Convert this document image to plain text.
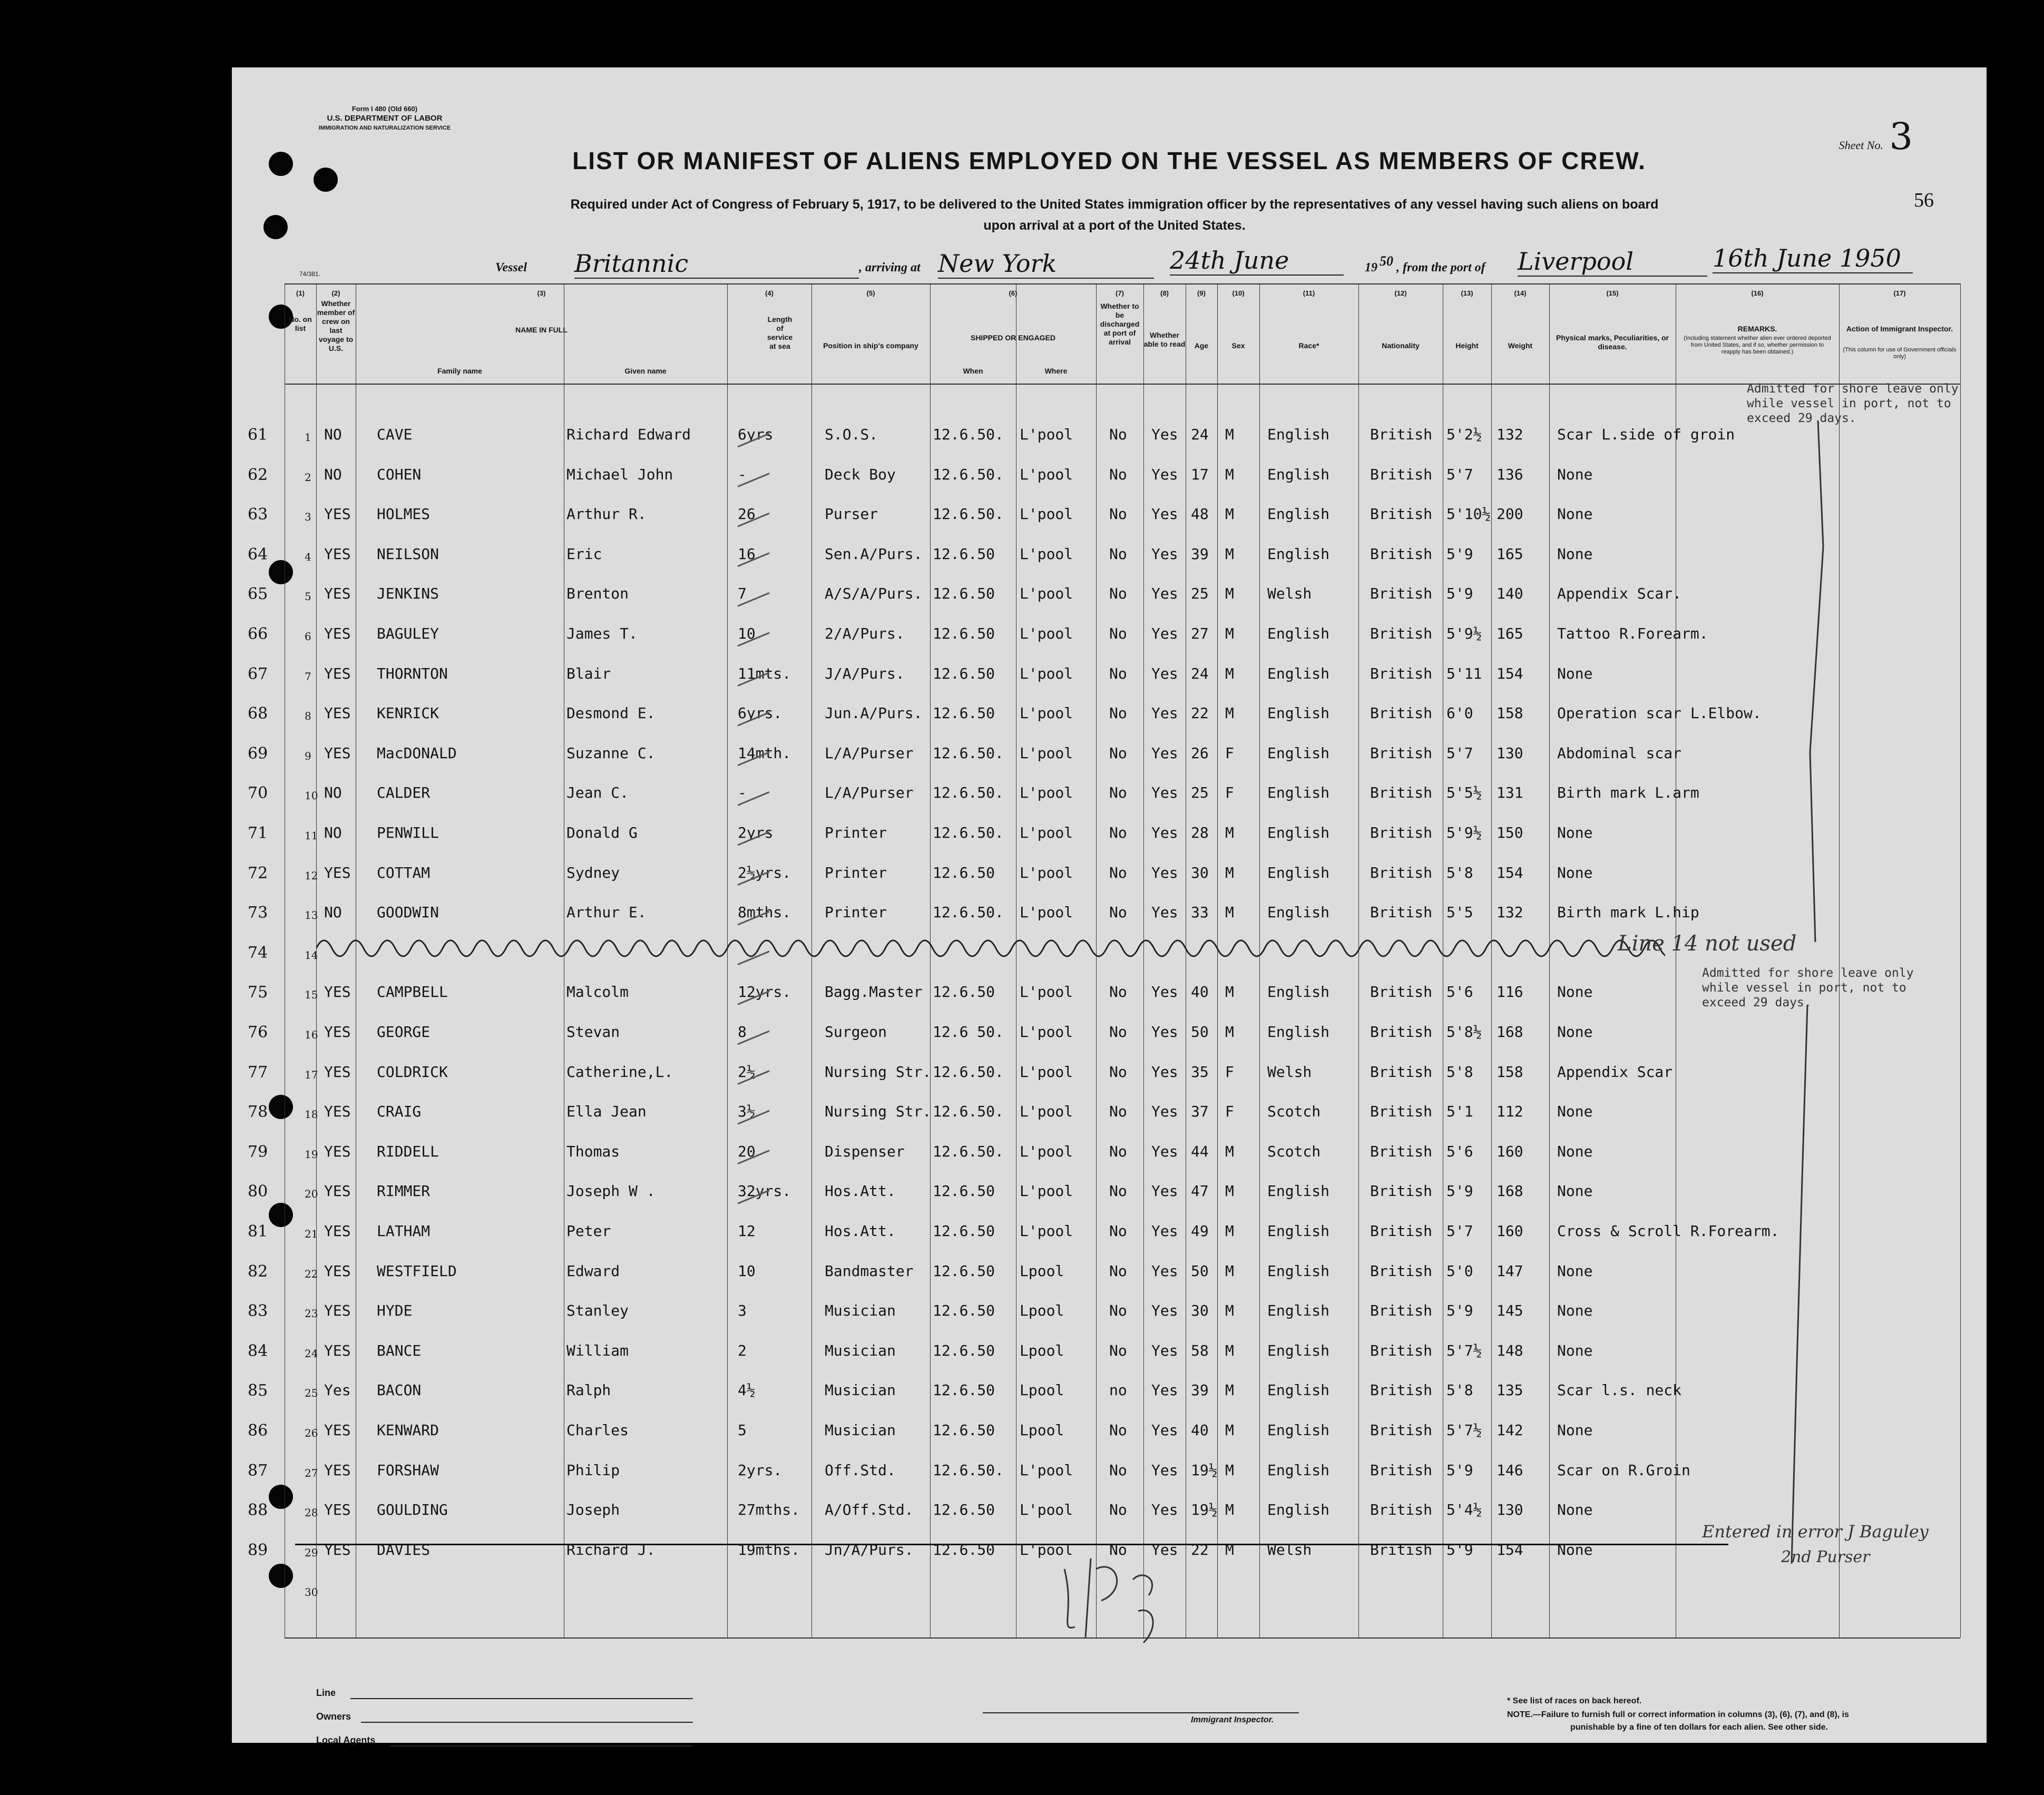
Form I 480 (Old 660)
U.S. DEPARTMENT OF LABOR
IMMIGRATION AND NATURALIZATION SERVICE
74/381.
Sheet No. 3
56
LIST OR MANIFEST OF ALIENS EMPLOYED ON THE VESSEL AS MEMBERS OF CREW.
Required under Act of Congress of February 5, 1917, to be delivered to the United States immigration officer by the representatives of any vessel having such aliens on board
upon arrival at a port of the United States.
Vessel Britannic	, arriving at New York	24th June	19 50 , from the port of Liverpool	16th June 1950
(1)
No. on list
(2)
Whether member of crew on last voyage to U.S.
(3)
NAME IN FULL
Family name	Given name
(4)
Length of service at sea
(5)
Position in ship's company
(6)
SHIPPED OR ENGAGED
When	Where
(7)
Whether to be discharged at port of arrival
(8)
Whether able to read
(9)
Age
(10)
Sex
(11)
Race*
(12)
Nationality
(13)
Height
(14)
Weight
(15)
Physical marks, Peculiarities, or disease.
(16)
REMARKS.
(Including statement whether alien ever ordered deported from United States, and if so, whether permission to reapply has been obtained.)
(17)
Action of Immigrant Inspector.
(This column for use of Government officials only)
61	1 NO CAVE	Richard Edward	6yrs	S.O.S.	12.6.50. L'pool No Yes 24 M English	British 5'2½ 132 Scar L.side of groin
62	2 NO COHEN	Michael John	-	Deck Boy	12.6.50. L'pool No Yes 17 M English	British 5'7 136 None
63	3 YES HOLMES	Arthur R.	26	Purser	12.6.50. L'pool No Yes 48 M English	British 5'10½ 200 None
64	4 YES NEILSON	Eric	16	Sen.A/Purs. 12.6.50 L'pool No Yes 39 M English	British 5'9 165 None
65	5 YES JENKINS	Brenton	7	A/S/A/Purs. 12.6.50 L'pool No Yes 25 M Welsh	British 5'9 140 Appendix Scar.
66	6 YES BAGULEY	James T.	10	2/A/Purs. 12.6.50 L'pool No Yes 27 M English	British 5'9½ 165 Tattoo R.Forearm.
67	7 YES THORNTON	Blair	11mts. J/A/Purs. 12.6.50 L'pool No Yes 24 M English	British 5'11 154 None
68	8 YES KENRICK	Desmond E.	6yrs.	Jun.A/Purs. 12.6.50 L'pool No Yes 22 M English	British 6'0 158 Operation scar L.Elbow.
69	9 YES MacDONALD	Suzanne C.	14mth. L/A/Purser 12.6.50. L'pool No Yes 26 F English	British 5'7 130 Abdominal scar
70	10 NO CALDER	Jean C.	-	L/A/Purser 12.6.50. L'pool No Yes 25 F English	British 5'5½ 131 Birth mark L.arm
71	11 NO PENWILL	Donald G	2yrs	Printer	12.6.50. L'pool No Yes 28 M English	British 5'9½ 150 None
72	12 YES COTTAM	Sydney	2½yrs. Printer	12.6.50 L'pool No Yes 30 M English	British 5'8 154 None
73	13 NO GOODWIN	Arthur E.	8mths. Printer	12.6.50. L'pool No Yes 33 M English	British 5'5 132 Birth mark L.hip
74	14
75	15 YES CAMPBELL	Malcolm	12yrs. Bagg.Master 12.6.50 L'pool No Yes 40 M English	British 5'6 116 None
76	16 YES GEORGE	Stevan	8	Surgeon	12.6 50. L'pool No Yes 50 M English	British 5'8½ 168 None
77	17 YES COLDRICK	Catherine,L.	2½	Nursing Str. 12.6.50. L'pool No Yes 35 F Welsh	British 5'8 158 Appendix Scar
78	18 YES CRAIG	Ella Jean	3½	Nursing Str. 12.6.50. L'pool No Yes 37 F Scotch	British 5'1 112 None
79	19 YES RIDDELL	Thomas	20	Dispenser 12.6.50. L'pool No Yes 44 M Scotch	British 5'6 160 None
80	20 YES RIMMER	Joseph W .	32yrs. Hos.Att.	12.6.50 L'pool No Yes 47 M English	British 5'9 168 None
81	21 YES LATHAM	Peter	12	Hos.Att.	12.6.50 L'pool No Yes 49 M English	British 5'7 160 Cross & Scroll R.Forearm.
82	22 YES WESTFIELD	Edward	10	Bandmaster 12.6.50 Lpool	No Yes 50 M English	British 5'0 147 None
83	23 YES HYDE	Stanley	3	Musician	12.6.50 Lpool	No Yes 30 M English	British 5'9 145 None
84	24 YES BANCE	William	2	Musician	12.6.50 Lpool	No Yes 58 M English	British 5'7½ 148 None
85	25 Yes BACON	Ralph	4½	Musician	12.6.50 Lpool	no Yes 39 M English	British 5'8 135 Scar l.s. neck
86	26 YES KENWARD	Charles	5	Musician	12.6.50 Lpool	No Yes 40 M English	British 5'7½ 142 None
87	27 YES FORSHAW	Philip	2yrs.	Off.Std.	12.6.50. L'pool No Yes 19½ M English	British 5'9 146 Scar on R.Groin
88	28 YES GOULDING	Joseph	27mths. A/Off.Std. 12.6.50 L'pool No Yes 19½ M English	British 5'4½ 130 None
89	29 YES DAVIES	Richard J.	19mths. Jn/A/Purs. 12.6.50 L'pool No Yes 22 M Welsh	British 5'9 154 None
30
Line 14 not used
Entered in error J Baguley
2nd Purser
Admitted for shore leave only
while vessel in port, not to
exceed 29 days.
Admitted for shore leave only
while vessel in port, not to
exceed 29 days.
Line
Owners
Local Agents
Immigrant Inspector.
* See list of races on back hereof.
NOTE.—Failure to furnish full or correct information in columns (3), (6), (7), and (8), is
punishable by a fine of ten dollars for each alien. See other side.
